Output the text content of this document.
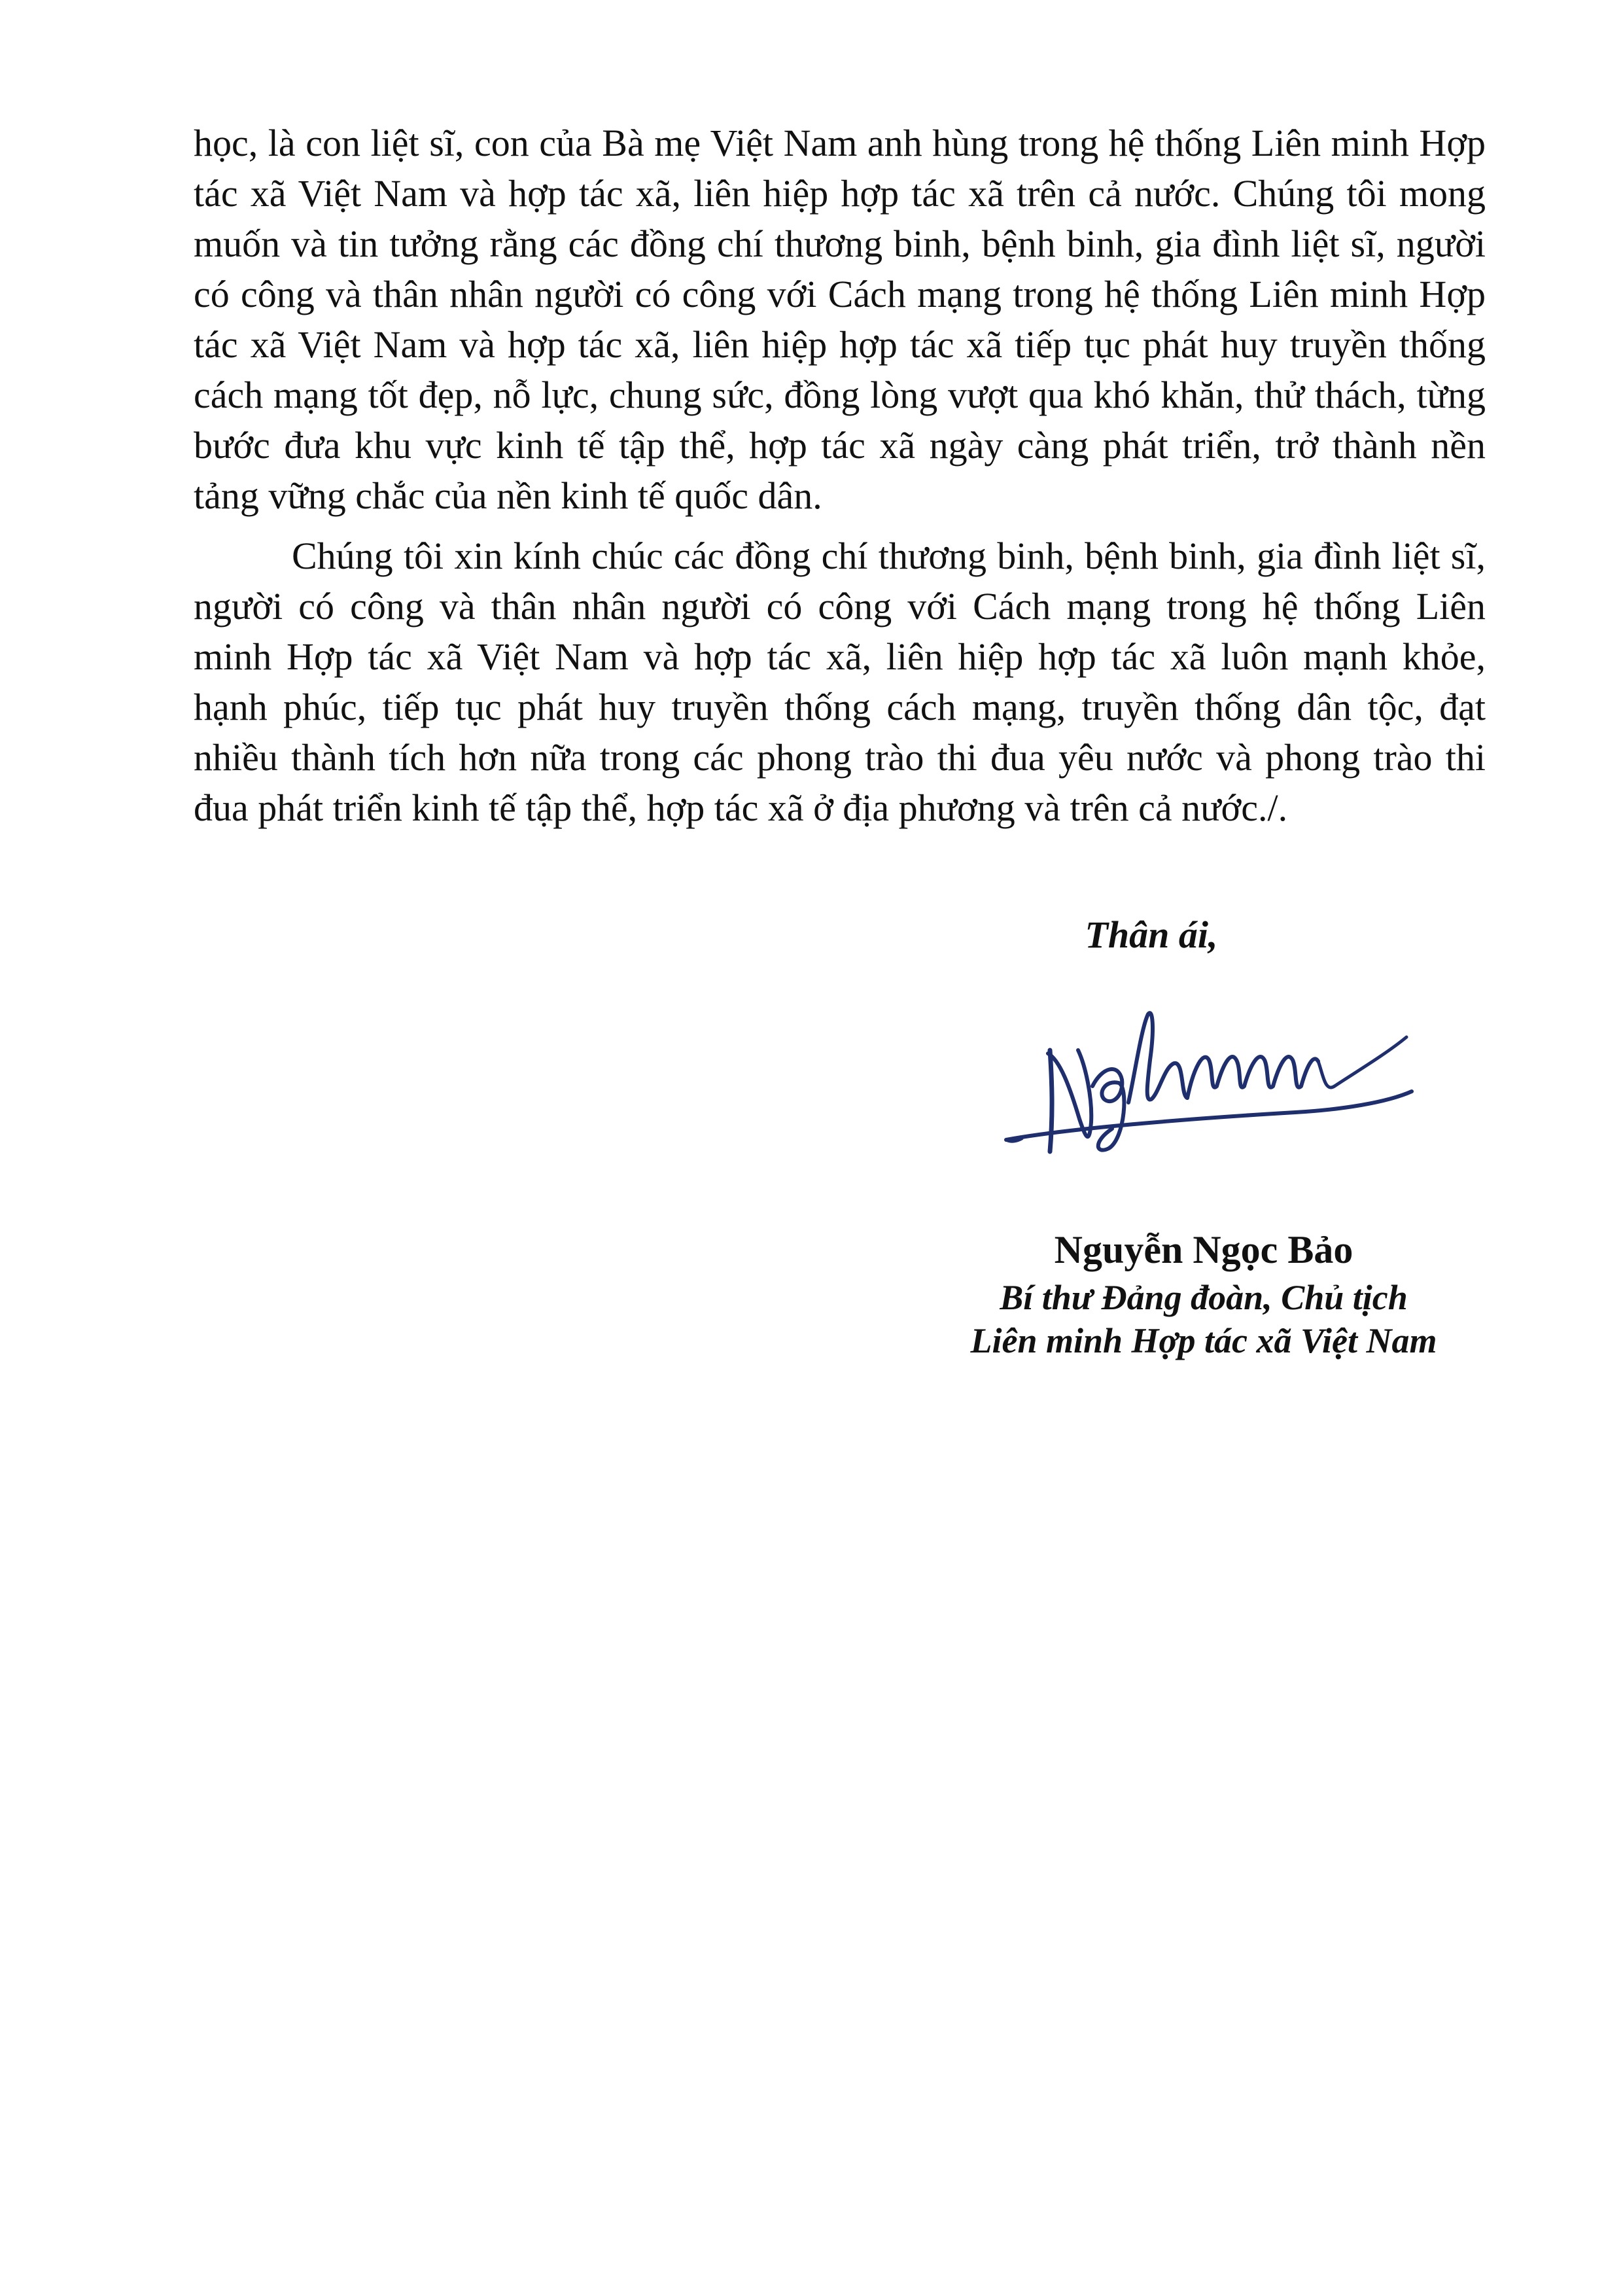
học, là con liệt sĩ, con của Bà mẹ Việt Nam anh hùng trong hệ thống Liên minh Hợp
tác xã Việt Nam và hợp tác xã, liên hiệp hợp tác xã trên cả nước. Chúng tôi mong
muốn và tin tưởng rằng các đồng chí thương binh, bệnh binh, gia đình liệt sĩ, người
có công và thân nhân người có công với Cách mạng trong hệ thống Liên minh Hợp
tác xã Việt Nam và hợp tác xã, liên hiệp hợp tác xã tiếp tục phát huy truyền thống
cách mạng tốt đẹp, nỗ lực, chung sức, đồng lòng vượt qua khó khăn, thử thách, từng
bước đưa khu vực kinh tế tập thể, hợp tác xã ngày càng phát triển, trở thành nền
tảng vững chắc của nền kinh tế quốc dân.

Chúng tôi xin kính chúc các đồng chí thương binh, bệnh binh, gia đình liệt sĩ,
người có công và thân nhân người có công với Cách mạng trong hệ thống Liên
minh Hợp tác xã Việt Nam và hợp tác xã, liên hiệp hợp tác xã luôn mạnh khỏe,
hạnh phúc, tiếp tục phát huy truyền thống cách mạng, truyền thống dân tộc, đạt
nhiều thành tích hơn nữa trong các phong trào thi đua yêu nước và phong trào thi
đua phát triển kinh tế tập thể, hợp tác xã ở địa phương và trên cả nước./.

Thân ái,
Nguyễn Ngọc Bảo
Bí thư Đảng đoàn, Chủ tịch
Liên minh Hợp tác xã Việt Nam
